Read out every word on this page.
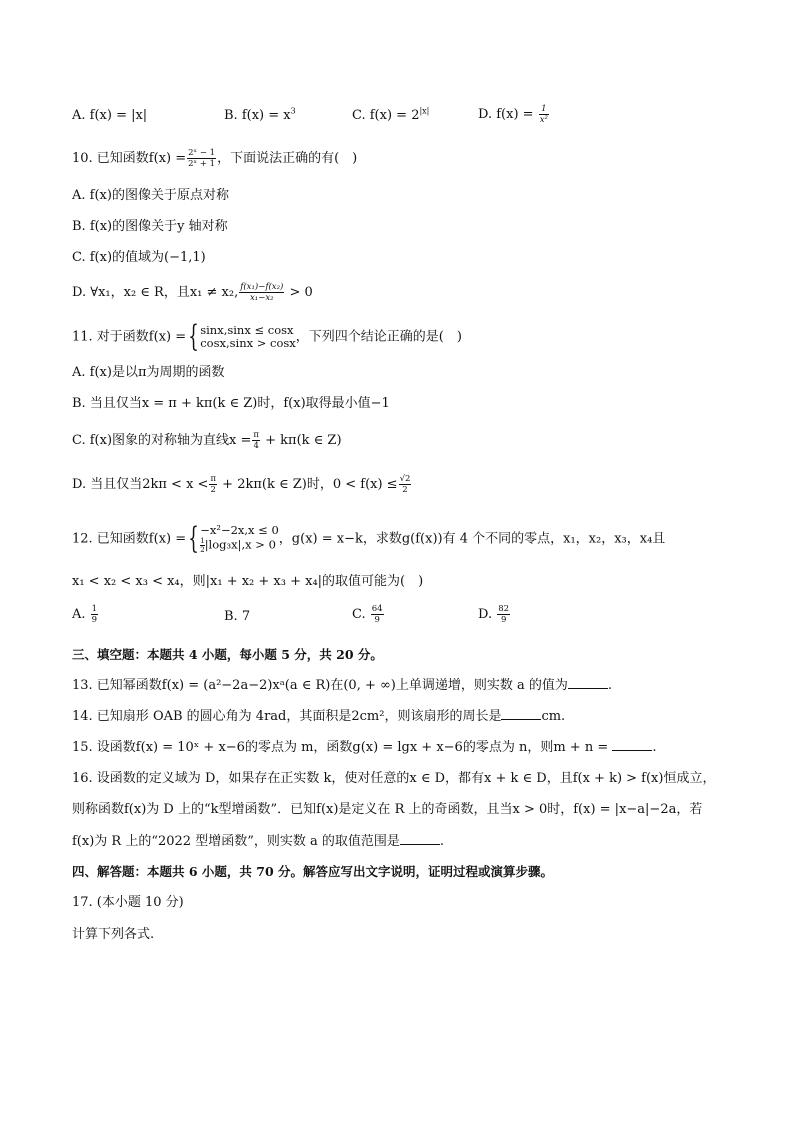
A. f(x) = |x|	B. $f(x) = x^3$	C. $f(x) = 2^{|x|}$	D. $f(x) = \frac{1}{\text{x²}}$
10. 已知函数$f(x) = \frac{\text{2ˣ − 1}}{\text{2ˣ + 1}}$ ，下面说法正确的有(　)
A. f(x)的图像关于原点对称
B. f(x)的图像关于y 轴对称
C. f(x)的值域为(−1,1)
D. ∀x₁，x₂ ∈ R，且x₁ ≠ x₂, $\frac{\text{f(x₁)−f(x₂)}}{\text{x₁−x₂}} > 0$
11. 对于函数f(x) ={ sinx,sinx ≤ cosx
cosx,sinx > cosx ，下列四个结论正确的是(　)
A. f(x)是以π为周期的函数
B. 当且仅当x = π + kπ(k ∈ Z)时，f(x)取得最小值−1
C. f(x)图象的对称轴为直线$x = \frac{\pi}{4} + k\pi(k$ ∈ Z)
D. 当且仅当$2k\pi < x < \frac{\pi}{2} + 2k\pi(k$ ∈ Z)时，$0 < f(x) \le \frac{√2}{2}$
12. 已知函数f(x) ={ −x²−2x,x ≤ 0
$\frac{1}{2} |\log_3x|,x > 0$ ，g(x) = x−k，求数g(f(x))有 4 个不同的零点，x₁，x₂，x₃，x₄且
x₁ < x₂ < x₃ < x₄，则|x₁ + x₂ + x₃ + x₄|的取值可能为(　)
A. $\frac{1}{9}$	B. 7	C. $\frac{64}{9}$	D. $\frac{82}{9}$
三、填空题：本题共 4 小题，每小题 5 分，共 20 分。
13. 已知幂函数f(x) = (a²−2a−2)xᵃ(a ∈ R)在(0, + ∞)上单调递增，则实数 a 的值为	.
14. 已知扇形 OAB 的圆心角为 4rad，其面积是2cm²，则该扇形的周长是	cm.
15. 设函数f(x) = 10ˣ + x−6的零点为 m，函数g(x) = lgx + x−6的零点为 n，则m + n =	.
16. 设函数的定义域为 D，如果存在正实数 k，使对任意的x ∈ D，都有x + k ∈ D，且f(x + k) > f(x)恒成立，
则称函数f(x)为 D 上的“k型增函数”．已知f(x)是定义在 R 上的奇函数，且当x > 0时，f(x) = |x−a|−2a，若
f(x)为 R 上的“2022 型增函数”，则实数 a 的取值范围是	.
四、解答题：本题共 6 小题，共 70 分。解答应写出文字说明，证明过程或演算步骤。
17. (本小题 10 分)
计算下列各式.
